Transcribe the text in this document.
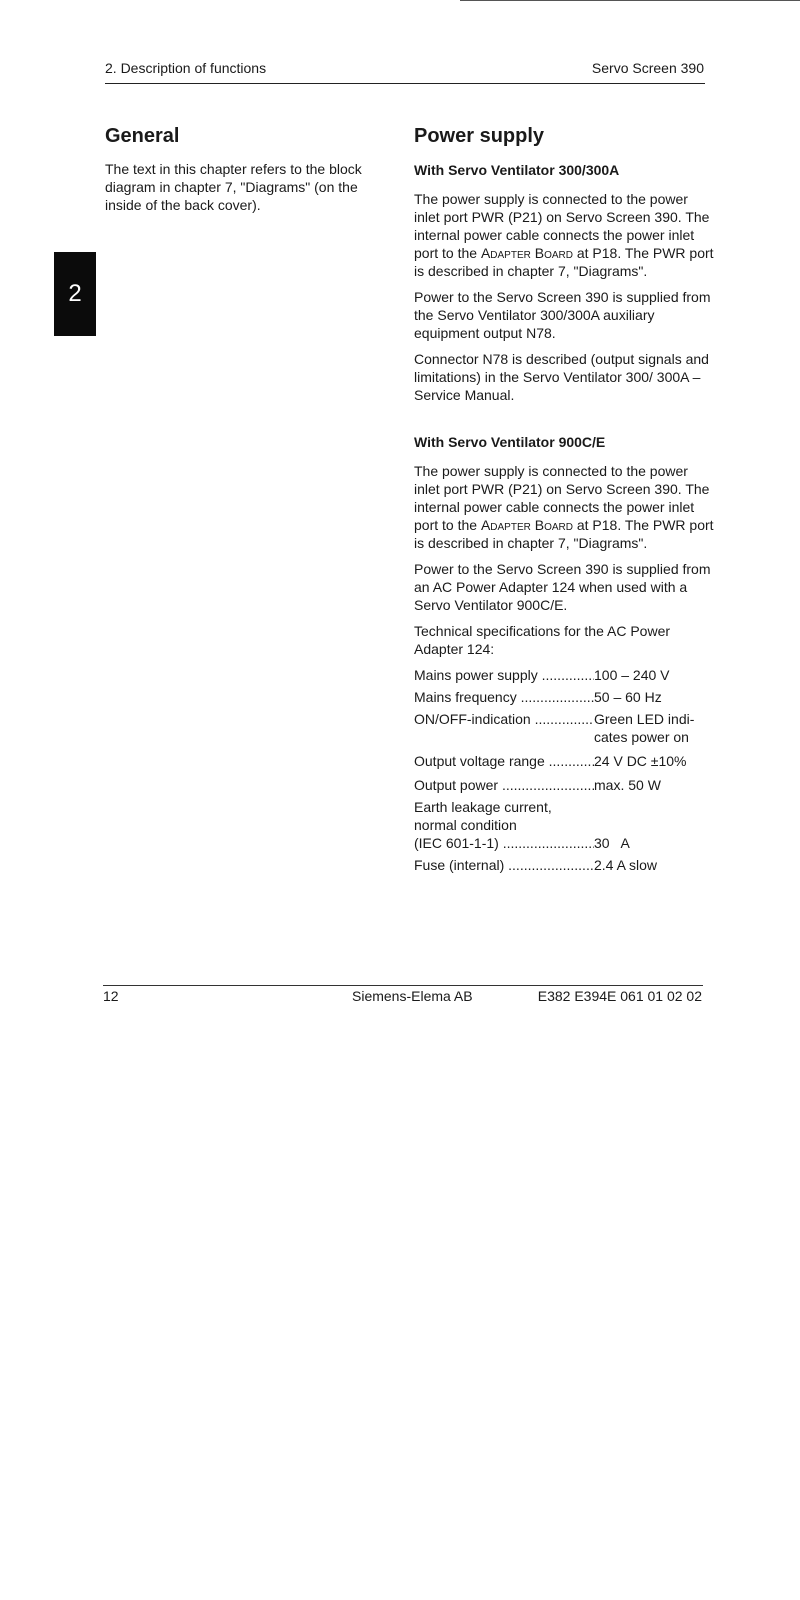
2. Description of functions	Servo Screen 390
2
General

The text in this chapter refers to the block diagram in chapter 7, "Diagrams" (on the inside of the back cover).

Power supply
With Servo Ventilator 300/300A

The power supply is connected to the power inlet port PWR (P21) on Servo Screen 390. The internal power cable connects the power inlet port to the Adapter Board at P18. The PWR port is described in chapter 7, "Diagrams".

Power to the Servo Screen 390 is supplied from the Servo Ventilator 300/300A auxiliary equipment output N78.

Connector N78 is described (output signals and limitations) in the Servo Ventilator 300/ 300A – Service Manual.

With Servo Ventilator 900C/E

The power supply is connected to the power inlet port PWR (P21) on Servo Screen 390. The internal power cable connects the power inlet port to the Adapter Board at P18. The PWR port is described in chapter 7, "Diagrams".

Power to the Servo Screen 390 is supplied from an AC Power Adapter 124 when used with a Servo Ventilator 900C/E.

Technical specifications for the AC Power Adapter 124:

Mains power supply .....	100 – 240 V
Mains frequency .....	50 – 60 Hz
ON/OFF-indication .....	Green LED indi-cates power on
Output voltage range .....	24 V DC ±10%
Output power .....	max. 50 W
Earth leakage current,
normal condition
(IEC 601-1-1) .....	30   A
Fuse (internal) .....	2.4 A slow
12	Siemens-Elema AB	E382 E394E 061 01 02 02
